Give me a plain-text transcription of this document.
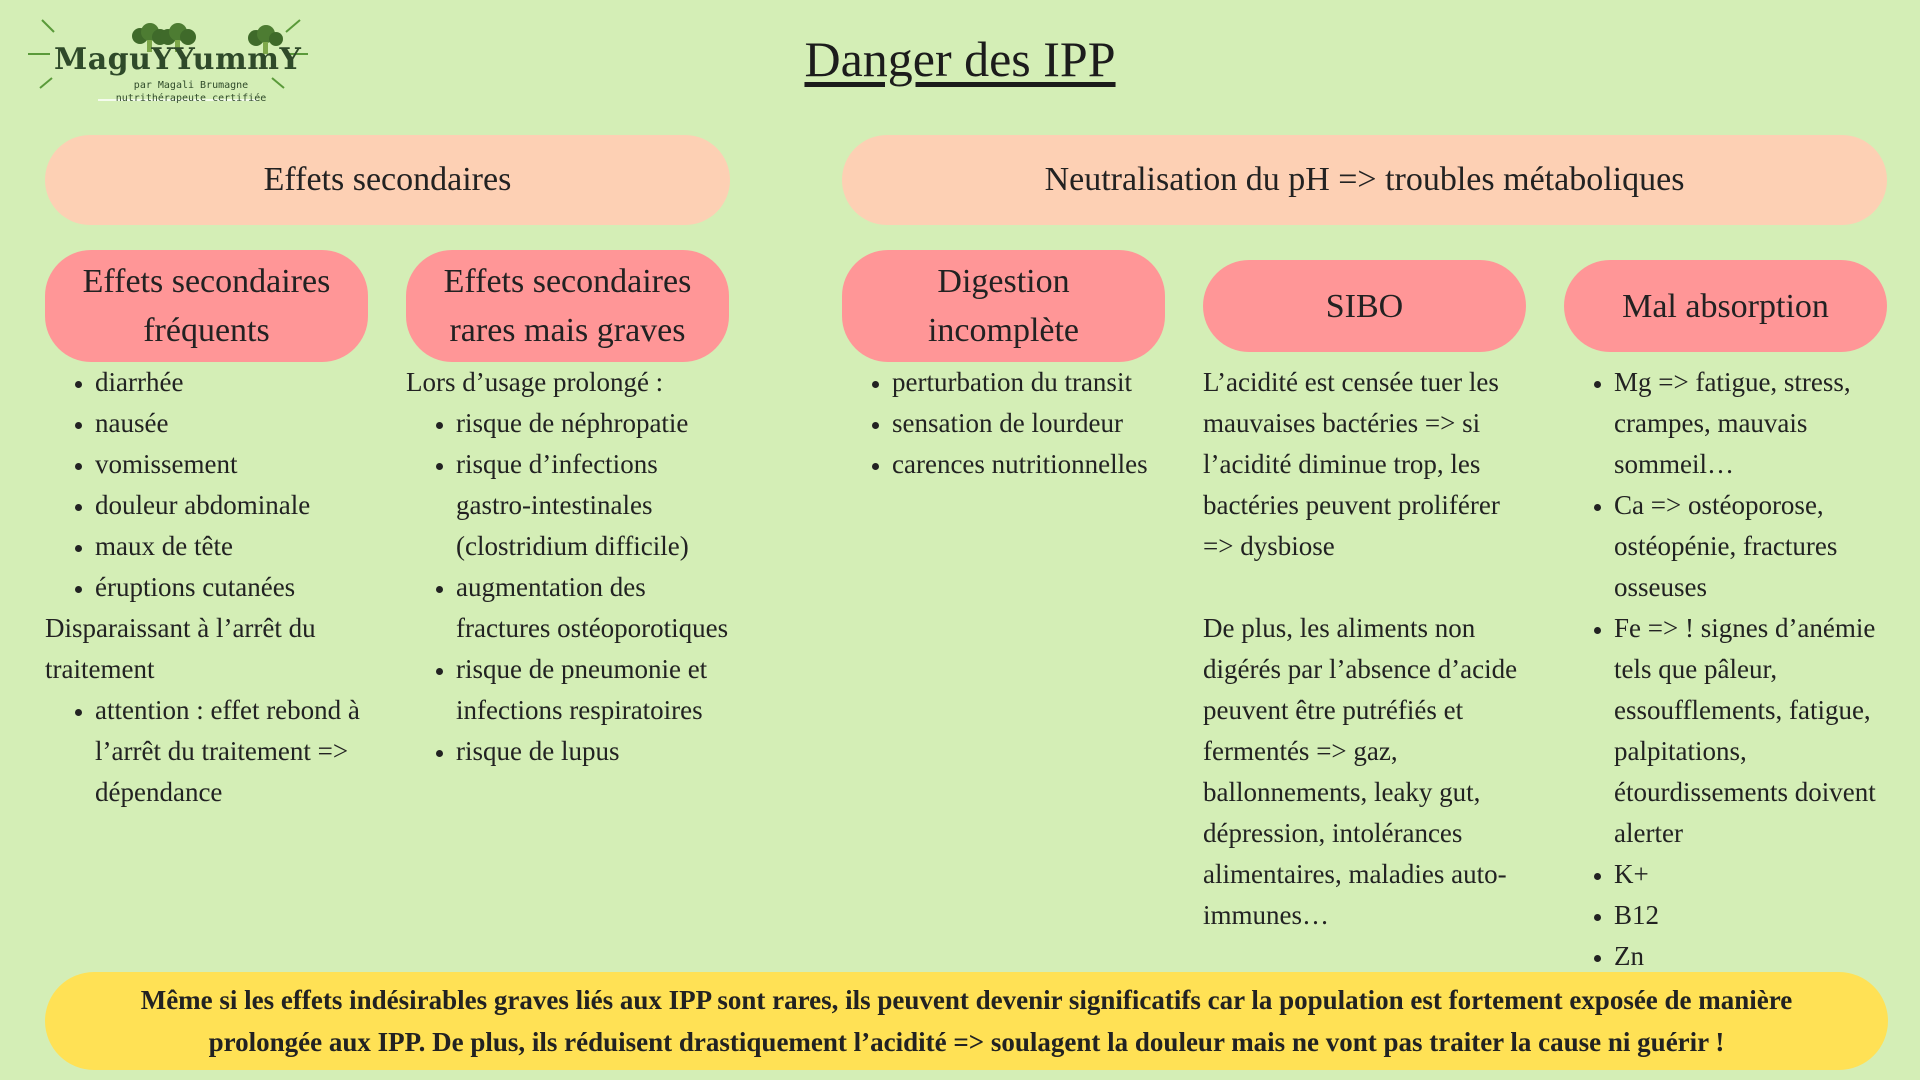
MaguYYummY
par Magali Brumagne
nutrithérapeute certifiée
Danger des IPP
Effets secondaires	Neutralisation du pH => troubles métaboliques
Effets secondaires
fréquents
Effets secondaires
rares mais graves
Digestion
incomplète
SIBO	Mal absorption
• diarrhée
• nausée
• vomissement
• douleur abdominale
• maux de tête
• éruptions cutanées

Disparaissant à l’arrêt du traitement

• attention : effet rebond à l’arrêt du traitement => dépendance

Lors d’usage prolongé :

• risque de néphropatie
• risque d’infections gastro-intestinales (clostridium difficile)
• augmentation des fractures ostéoporotiques
• risque de pneumonie et infections respiratoires
• risque de lupus
• perturbation du transit
• sensation de lourdeur
• carences nutritionnelles

L’acidité est censée tuer les mauvaises bactéries => si l’acidité diminue trop, les bactéries peuvent proliférer => dysbiose

De plus, les aliments non digérés par l’absence d’acide peuvent être putréfiés et fermentés => gaz, ballonnements, leaky gut, dépression, intolérances alimentaires, maladies auto-immunes…

• Mg => fatigue, stress, crampes, mauvais sommeil…
• Ca => ostéoporose, ostéopénie, fractures osseuses
• Fe => ! signes d’anémie tels que pâleur, essoufflements, fatigue, palpitations, étourdissements doivent alerter
• K+
• B12
• Zn
Même si les effets indésirables graves liés aux IPP sont rares, ils peuvent devenir significatifs car la population est fortement exposée de manière prolongée aux IPP. De plus, ils réduisent drastiquement l’acidité => soulagent la douleur mais ne vont pas traiter la cause ni guérir !
